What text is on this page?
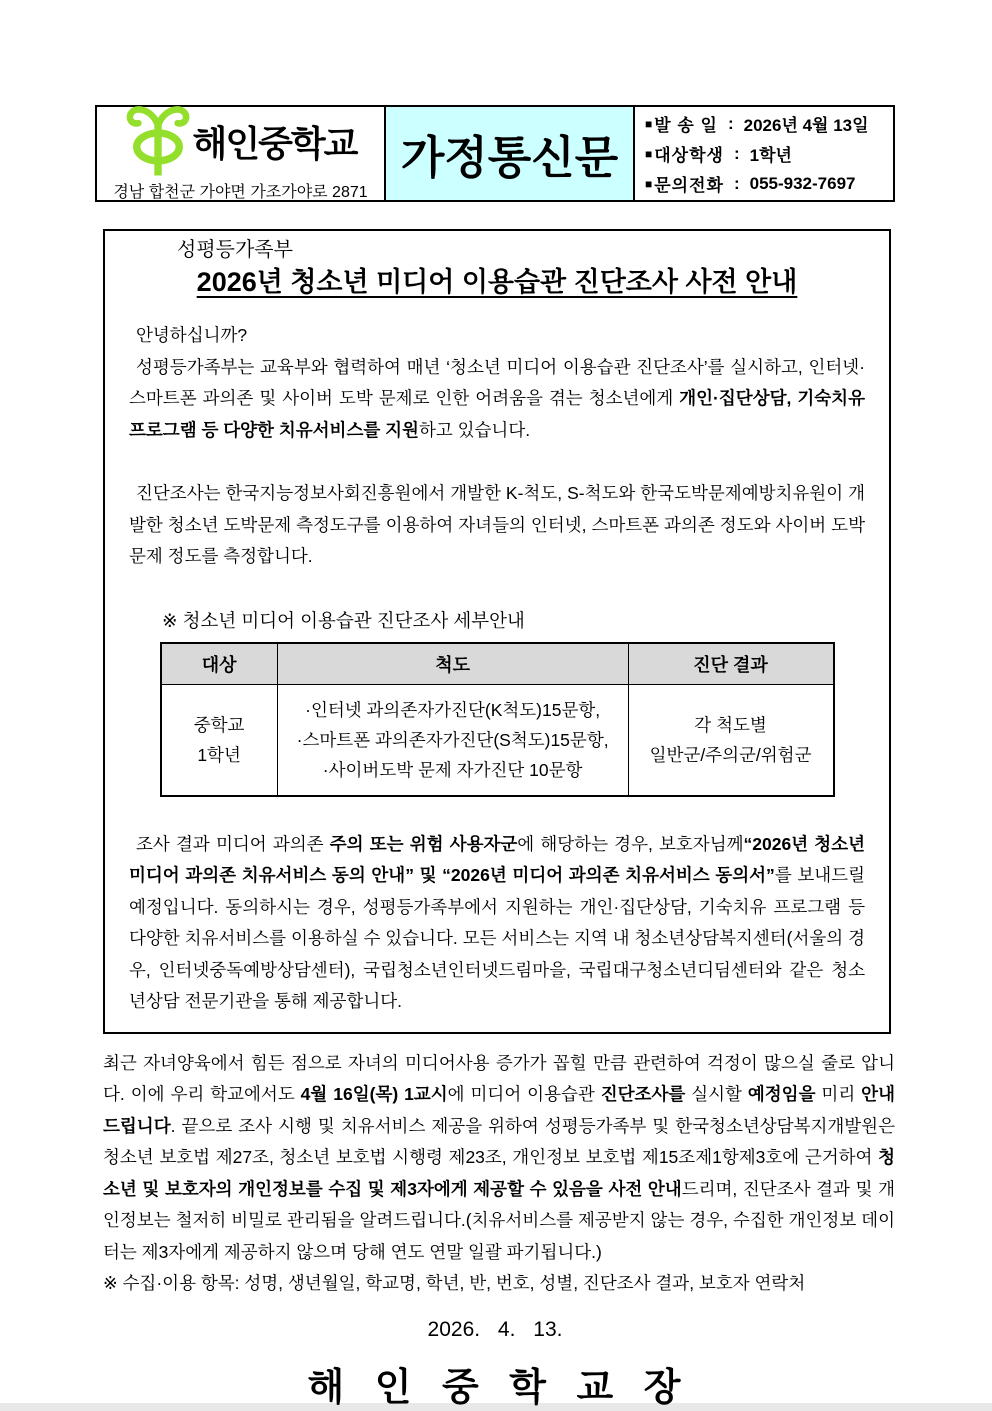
해인중학교
경남 합천군 가야면 가조가야로 2871
가정통신문
■ 발 송 일 : 2026년 4월 13일
■ 대상학생 : 1학년
■ 문의전화 : 055-932-7697
성평등가족부
2026년 청소년 미디어 이용습관 진단조사 사전 안내
안녕하십니까?
성평등가족부는 교육부와 협력하여 매년 ‘청소년 미디어 이용습관 진단조사’를 실시하고, 인터넷·스마트폰 과의존 및 사이버 도박 문제로 인한 어려움을 겪는 청소년에게 개인·집단상담, 기숙치유 프로그램 등 다양한 치유서비스를 지원하고 있습니다.
진단조사는 한국지능정보사회진흥원에서 개발한 K-척도, S-척도와 한국도박문제예방치유원이 개발한 청소년 도박문제 측정도구를 이용하여 자녀들의 인터넷, 스마트폰 과의존 정도와 사이버 도박 문제 정도를 측정합니다.
※ 청소년 미디어 이용습관 진단조사 세부안내
대상	척도	진단 결과

중학교
1학년

·인터넷 과의존자가진단(K척도)15문항,
·스마트폰 과의존자가진단(S척도)15문항,
·사이버도박 문제 자가진단 10문항

각 척도별
일반군/주의군/위험군
조사 결과 미디어 과의존 주의 또는 위험 사용자군에 해당하는 경우, 보호자님께“2026년 청소년 미디어 과의존 치유서비스 동의 안내” 및 “2026년 미디어 과의존 치유서비스 동의서”를 보내드릴 예정입니다. 동의하시는 경우, 성평등가족부에서 지원하는 개인·집단상담, 기숙치유 프로그램 등 다양한 치유서비스를 이용하실 수 있습니다. 모든 서비스는 지역 내 청소년상담복지센터(서울의 경우, 인터넷중독예방상담센터), 국립청소년인터넷드림마을, 국립대구청소년디딤센터와 같은 청소년상담 전문기관을 통해 제공합니다.
최근 자녀양육에서 힘든 점으로 자녀의 미디어사용 증가가 꼽힐 만큼 관련하여 걱정이 많으실 줄로 압니다. 이에 우리 학교에서도 4월 16일(목) 1교시에 미디어 이용습관 진단조사를 실시할 예정임을 미리 안내드립니다. 끝으로 조사 시행 및 치유서비스 제공을 위하여 성평등가족부 및 한국청소년상담복지개발원은 청소년 보호법 제27조, 청소년 보호법 시행령 제23조, 개인정보 보호법 제15조제1항제3호에 근거하여 청소년 및 보호자의 개인정보를 수집 및 제3자에게 제공할 수 있음을 사전 안내드리며, 진단조사 결과 및 개인정보는 철저히 비밀로 관리됨을 알려드립니다.(치유서비스를 제공받지 않는 경우, 수집한 개인정보 데이터는 제3자에게 제공하지 않으며 당해 연도 연말 일괄 파기됩니다.)
※ 수집·이용 항목: 성명, 생년월일, 학교명, 학년, 반, 번호, 성별, 진단조사 결과, 보호자 연락처
2026. 4. 13.
해 인 중 학 교 장
